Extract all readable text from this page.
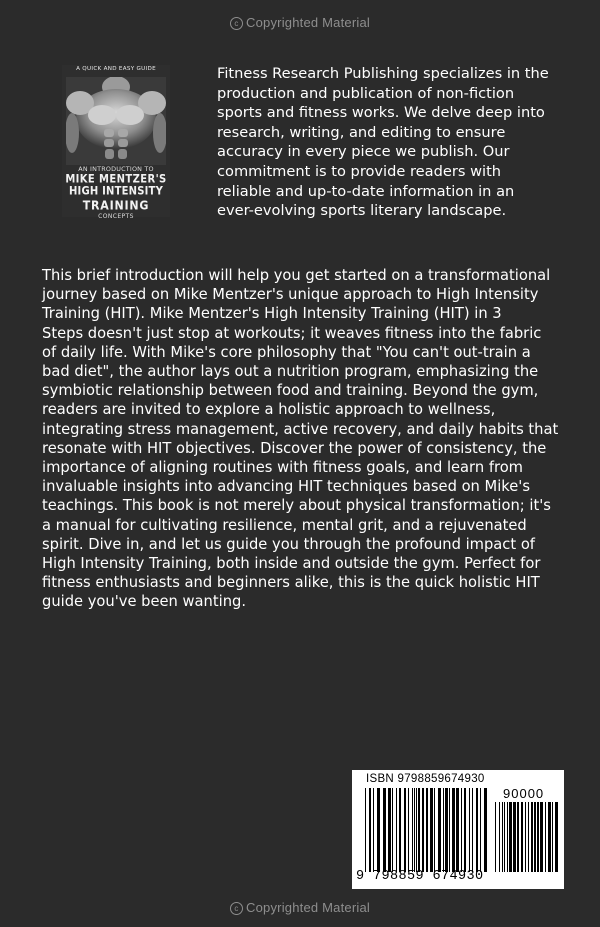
c Copyrighted Material
A QUICK AND EASY GUIDE
AN INTRODUCTION TO
MIKE MENTZER'S
HIGH INTENSITY
TRAINING
CONCEPTS
Fitness Research Publishing specializes in the
production and publication of non-fiction
sports and fitness works. We delve deep into
research, writing, and editing to ensure
accuracy in every piece we publish. Our
commitment is to provide readers with
reliable and up-to-date information in an
ever-evolving sports literary landscape.
This brief introduction will help you get started on a transformational
journey based on Mike Mentzer's unique approach to High Intensity
Training (HIT). Mike Mentzer's High Intensity Training (HIT) in 3
Steps doesn't just stop at workouts; it weaves fitness into the fabric
of daily life. With Mike's core philosophy that "You can't out-train a
bad diet", the author lays out a nutrition program, emphasizing the
symbiotic relationship between food and training. Beyond the gym,
readers are invited to explore a holistic approach to wellness,
integrating stress management, active recovery, and daily habits that
resonate with HIT objectives. Discover the power of consistency, the
importance of aligning routines with fitness goals, and learn from
invaluable insights into advancing HIT techniques based on Mike's
teachings. This book is not merely about physical transformation; it's
a manual for cultivating resilience, mental grit, and a rejuvenated
spirit. Dive in, and let us guide you through the profound impact of
High Intensity Training, both inside and outside the gym. Perfect for
fitness enthusiasts and beginners alike, this is the quick holistic HIT
guide you've been wanting.
ISBN 9798859674930
90000
9 798859 674930
c Copyrighted Material
